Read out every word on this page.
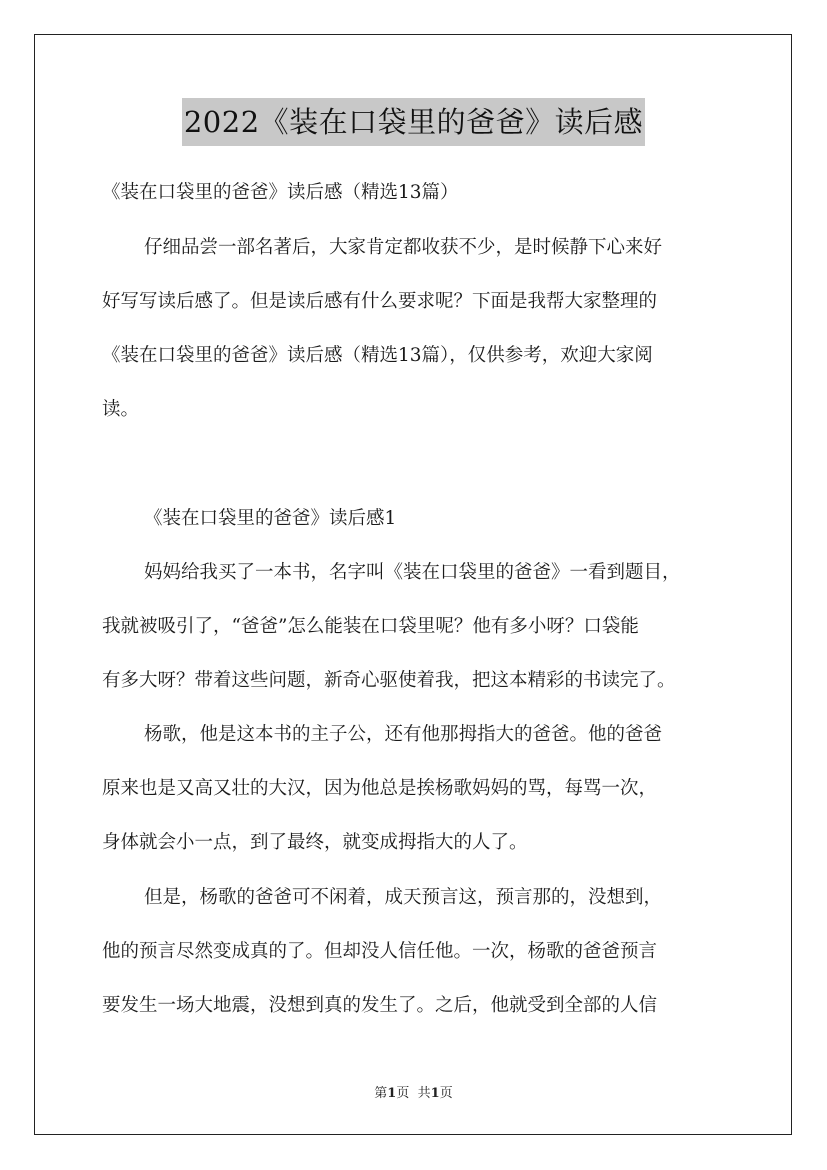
2022《装在口袋里的爸爸》读后感
《装在口袋里的爸爸》读后感（精选13篇）
仔细品尝一部名著后，大家肯定都收获不少，是时候静下心来好
好写写读后感了。但是读后感有什么要求呢？下面是我帮大家整理的
《装在口袋里的爸爸》读后感（精选13篇），仅供参考，欢迎大家阅
读。
《装在口袋里的爸爸》读后感1
妈妈给我买了一本书，名字叫《装在口袋里的爸爸》一看到题目，
我就被吸引了，“爸爸”怎么能装在口袋里呢？他有多小呀？口袋能
有多大呀？带着这些问题，新奇心驱使着我，把这本精彩的书读完了。
杨歌，他是这本书的主子公，还有他那拇指大的爸爸。他的爸爸
原来也是又高又壮的大汉，因为他总是挨杨歌妈妈的骂，每骂一次，
身体就会小一点，到了最终，就变成拇指大的人了。
但是，杨歌的爸爸可不闲着，成天预言这，预言那的，没想到，
他的预言尽然变成真的了。但却没人信任他。一次，杨歌的爸爸预言
要发生一场大地震，没想到真的发生了。之后，他就受到全部的人信
第1页 共1页
